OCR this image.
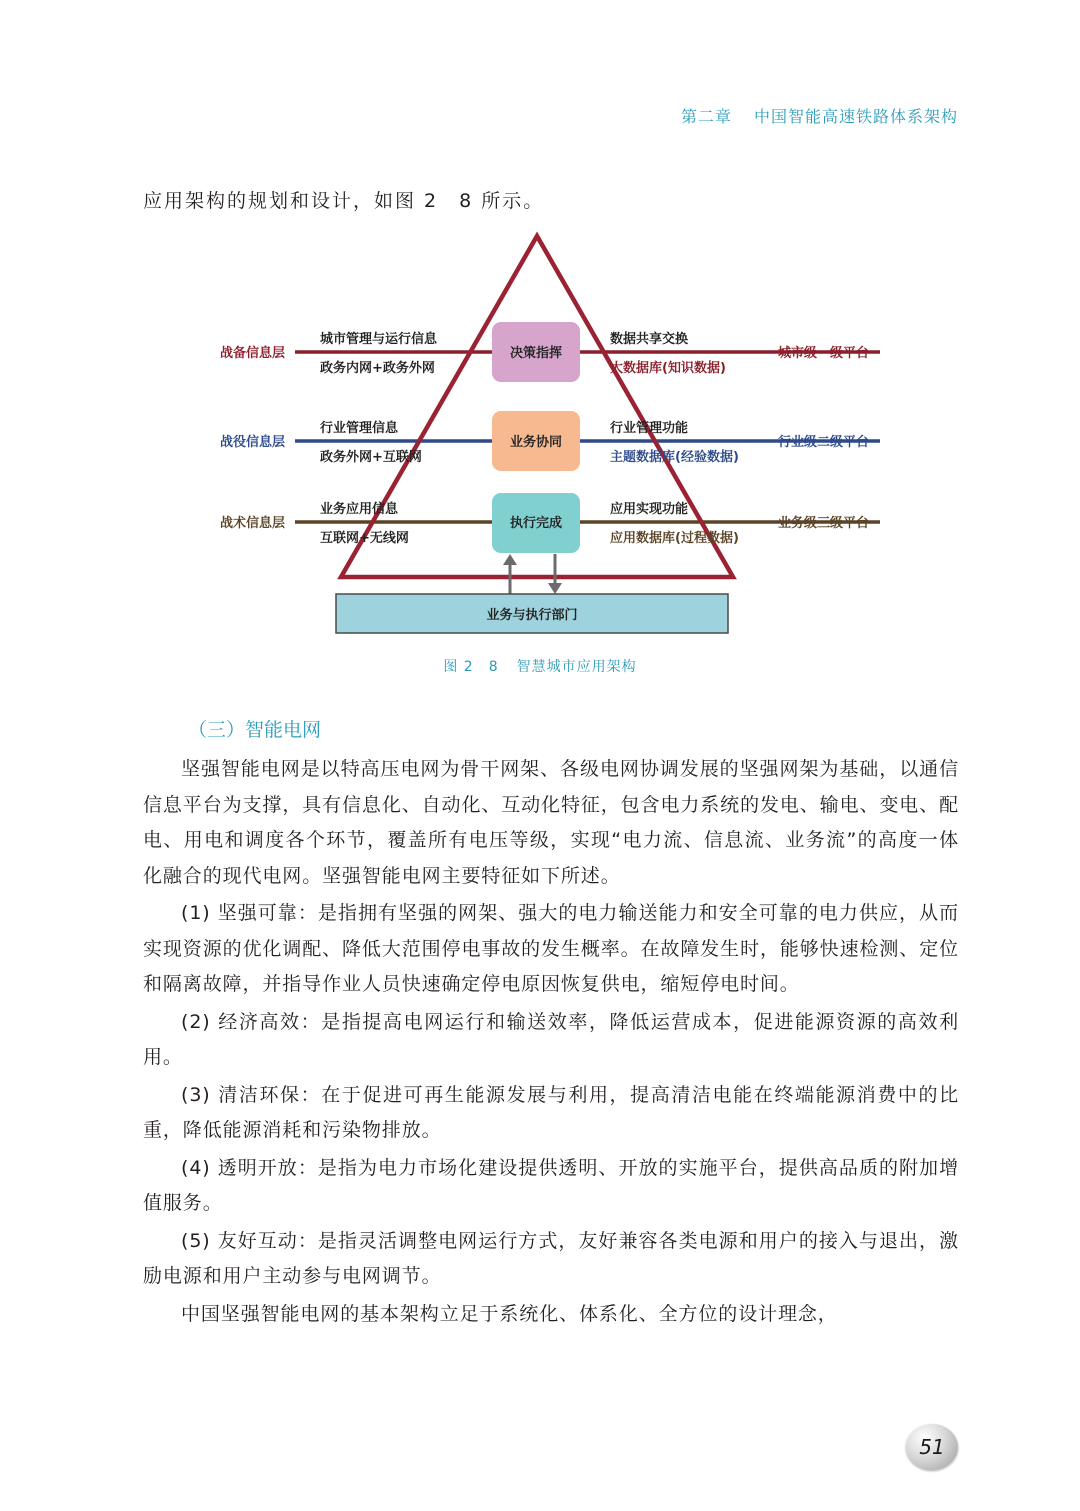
第二章 中国智能高速铁路体系架构
应用架构的规划和设计，如图 2　8 所示。
业务与执行部门
战备信息层
城市管理与运行信息
政务内网+政务外网
决策指挥
数据共享交换
大数据库(知识数据)
城市级一级平台
战役信息层
行业管理信息
政务外网+互联网
业务协同
行业管理功能
主题数据库(经验数据)
行业级二级平台
战术信息层
业务应用信息
互联网+无线网
执行完成
应用实现功能
应用数据库(过程数据)
业务级三级平台
图 2　8 智慧城市应用架构
（三）智能电网

坚强智能电网是以特高压电网为骨干网架、各级电网协调发展的坚强网架为基础，以通信信息平台为支撑，具有信息化、自动化、互动化特征，包含电力系统的发电、输电、变电、配电、用电和调度各个环节，覆盖所有电压等级，实现“电力流、信息流、业务流”的高度一体化融合的现代电网。坚强智能电网主要特征如下所述。

(1) 坚强可靠：是指拥有坚强的网架、强大的电力输送能力和安全可靠的电力供应，从而实现资源的优化调配、降低大范围停电事故的发生概率。在故障发生时，能够快速检测、定位和隔离故障，并指导作业人员快速确定停电原因恢复供电，缩短停电时间。

(2) 经济高效：是指提高电网运行和输送效率，降低运营成本，促进能源资源的高效利用。

(3) 清洁环保：在于促进可再生能源发展与利用，提高清洁电能在终端能源消费中的比重，降低能源消耗和污染物排放。

(4) 透明开放：是指为电力市场化建设提供透明、开放的实施平台，提供高品质的附加增值服务。

(5) 友好互动：是指灵活调整电网运行方式，友好兼容各类电源和用户的接入与退出，激励电源和用户主动参与电网调节。

中国坚强智能电网的基本架构立足于系统化、体系化、全方位的设计理念，

51
